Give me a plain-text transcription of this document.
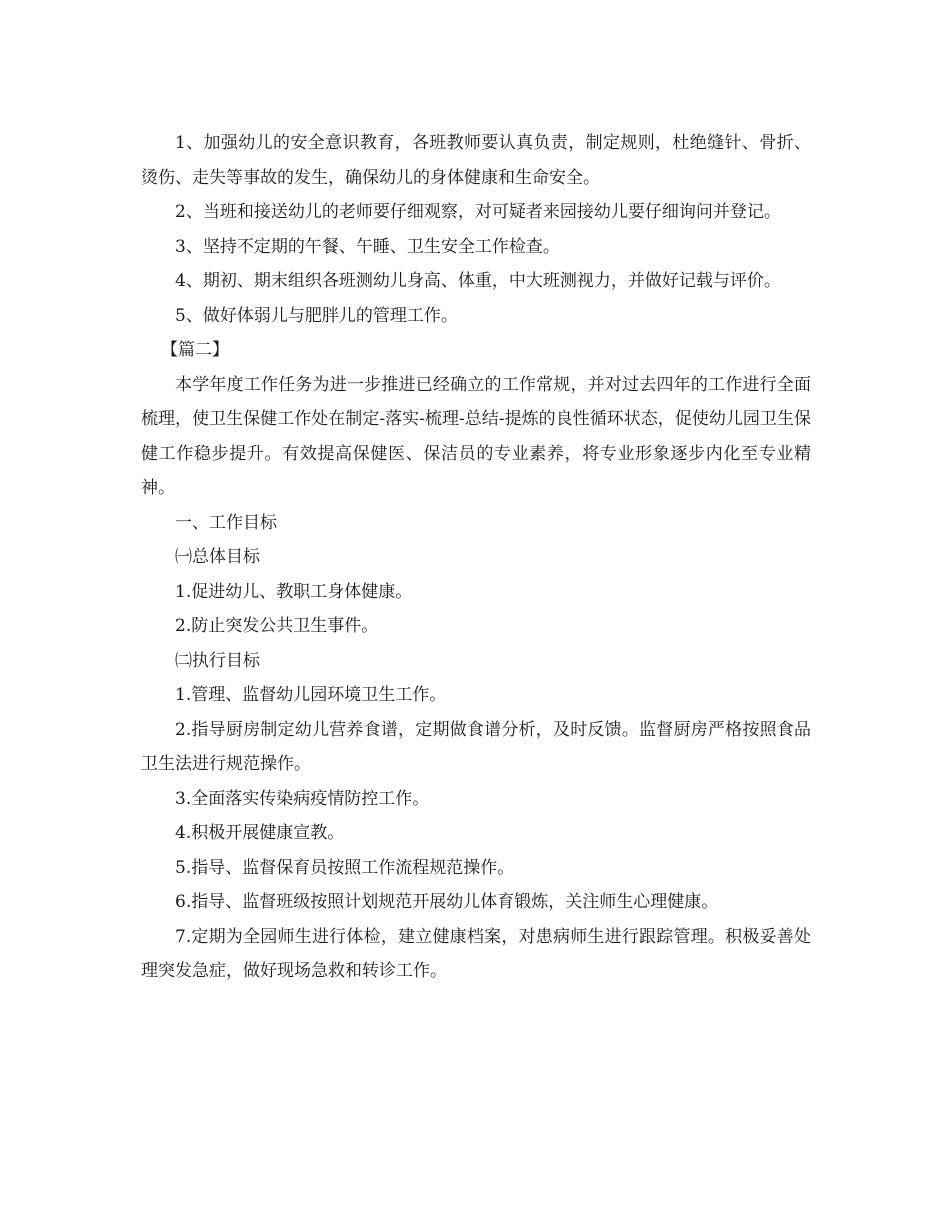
1、加强幼儿的安全意识教育，各班教师要认真负责，制定规则，杜绝缝针、骨折、烫伤、走失等事故的发生，确保幼儿的身体健康和生命安全。

2、当班和接送幼儿的老师要仔细观察，对可疑者来园接幼儿要仔细询问并登记。

3、坚持不定期的午餐、午睡、卫生安全工作检查。

4、期初、期末组织各班测幼儿身高、体重，中大班测视力，并做好记载与评价。

5、做好体弱儿与肥胖儿的管理工作。

【篇二】

本学年度工作任务为进一步推进已经确立的工作常规，并对过去四年的工作进行全面梳理，使卫生保健工作处在制定-落实-梳理-总结-提炼的良性循环状态，促使幼儿园卫生保健工作稳步提升。有效提高保健医、保洁员的专业素养，将专业形象逐步内化至专业精神。

一、工作目标

㈠总体目标

1.促进幼儿、教职工身体健康。

2.防止突发公共卫生事件。

㈡执行目标

1.管理、监督幼儿园环境卫生工作。

2.指导厨房制定幼儿营养食谱，定期做食谱分析，及时反馈。监督厨房严格按照食品卫生法进行规范操作。

3.全面落实传染病疫情防控工作。

4.积极开展健康宣教。

5.指导、监督保育员按照工作流程规范操作。

6.指导、监督班级按照计划规范开展幼儿体育锻炼，关注师生心理健康。

7.定期为全园师生进行体检，建立健康档案，对患病师生进行跟踪管理。积极妥善处理突发急症，做好现场急救和转诊工作。
